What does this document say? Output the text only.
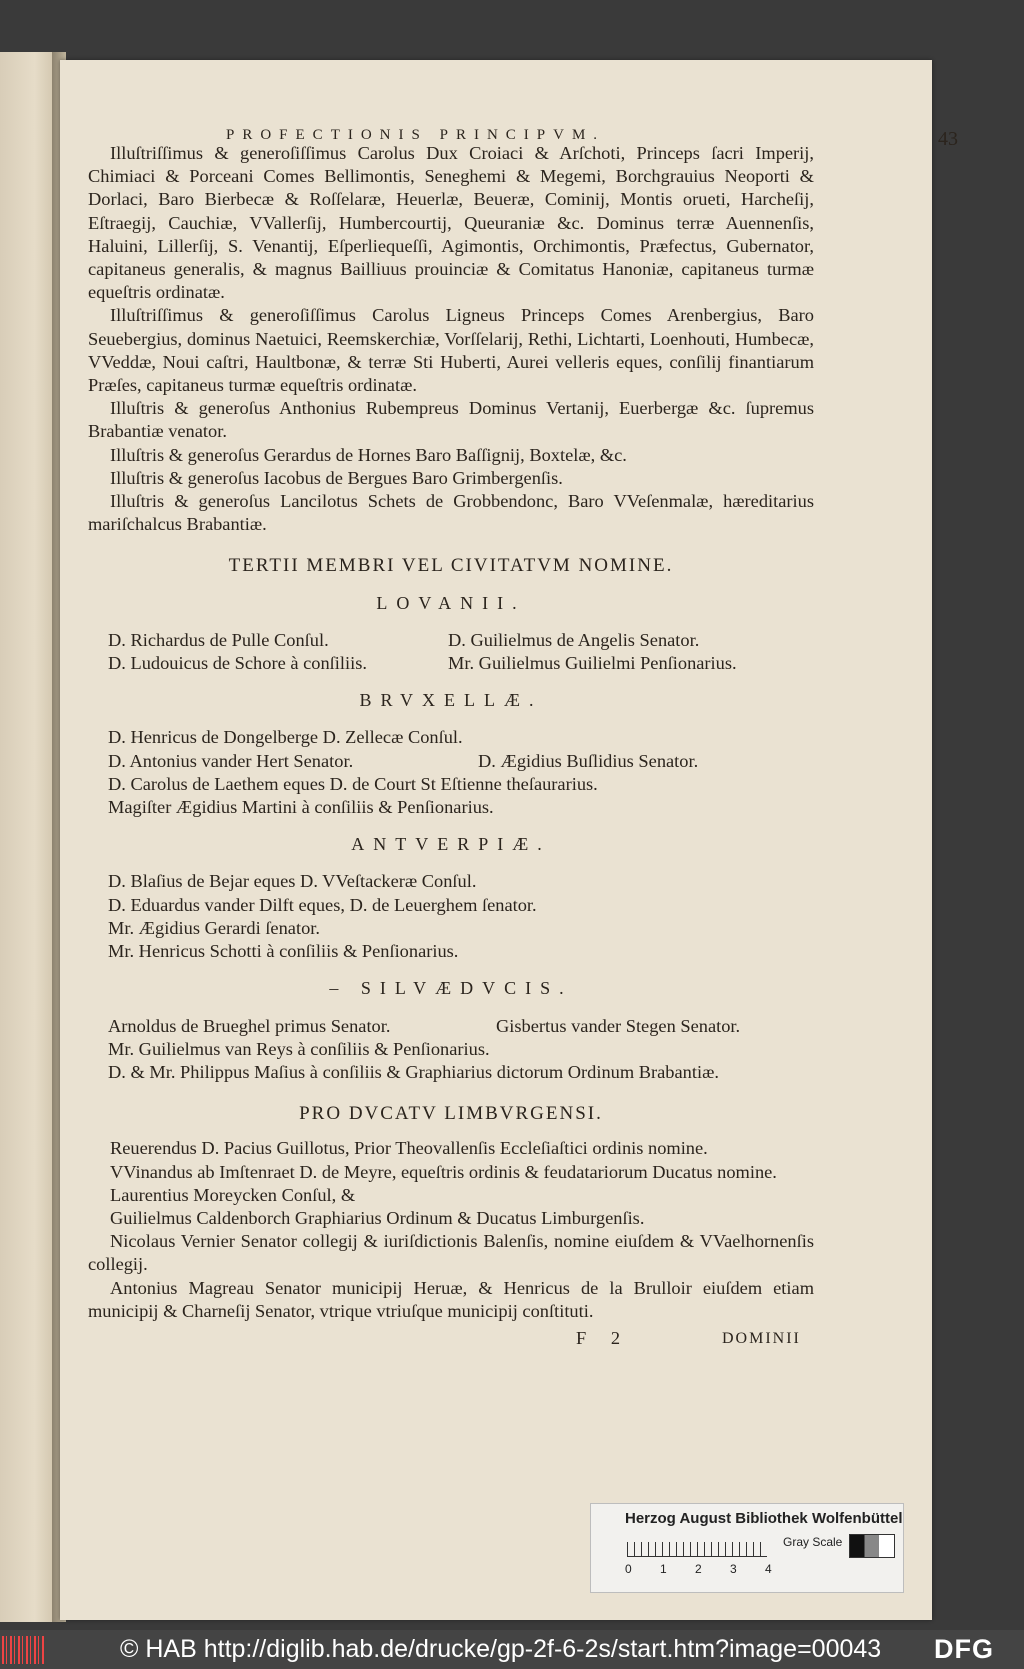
PROFECTIONIS PRINCIPVM.	43

Illuſtriſſimus & generoſiſſimus Carolus Dux Croiaci & Arſchoti, Princeps ſacri Imperij, Chimiaci & Porceani Comes Bellimontis, Seneghemi & Megemi, Borchgrauius Neoporti & Dorlaci, Baro Bierbecæ & Roſſelaræ, Heuerlæ, Beueræ, Cominij, Montis orueti, Harcheſij, Eſtraegij, Cauchiæ, VVallerſij, Humbercourtij, Queuraniæ &c. Dominus terræ Auennenſis, Haluini, Lillerſij, S. Venantij, Eſperliequeſſi, Agimontis, Orchimontis, Præfectus, Gubernator, capitaneus generalis, & magnus Bailliuus prouinciæ & Comitatus Hanoniæ, capitaneus turmæ equeſtris ordinatæ.

Illuſtriſſimus & generoſiſſimus Carolus Ligneus Princeps Comes Arenbergius, Baro Seuebergius, dominus Naetuici, Reemskerchiæ, Vorſſelarij, Rethi, Lichtarti, Loenhouti, Humbecæ, VVeddæ, Noui caſtri, Haultbonæ, & terræ Sti Huberti, Aurei velleris eques, conſilij finantiarum Præſes, capitaneus turmæ equeſtris ordinatæ.

Illuſtris & generoſus Anthonius Rubempreus Dominus Vertanij, Euerbergæ &c. ſupremus Brabantiæ venator.

Illuſtris & generoſus Gerardus de Hornes Baro Baſſignij, Boxtelæ, &c.

Illuſtris & generoſus Iacobus de Bergues Baro Grimbergenſis.

Illuſtris & generoſus Lancilotus Schets de Grobbendonc, Baro VVeſenmalæ, hæreditarius mariſchalcus Brabantiæ.

TERTII MEMBRI VEL CIVITATVM NOMINE.
LOVANII.
D. Richardus de Pulle Conſul.	D. Guilielmus de Angelis Senator.
D. Ludouicus de Schore à conſiliis.	Mr. Guilielmus Guilielmi Penſionarius.
BRVXELLÆ.
D. Henricus de Dongelberge D. Zellecæ Conſul.
D. Antonius vander Hert Senator.	D. Ægidius Buſlidius Senator.
D. Carolus de Laethem eques D. de Court St Eſtienne theſaurarius.
Magiſter Ægidius Martini à conſiliis & Penſionarius.
ANTVERPIÆ.
D. Blaſius de Bejar eques D. VVeſtackeræ Conſul.
D. Eduardus vander Dilft eques, D. de Leuerghem ſenator.
Mr. Ægidius Gerardi ſenator.
Mr. Henricus Schotti à conſiliis & Penſionarius.
– SILVÆDVCIS.
Arnoldus de Brueghel primus Senator.	Gisbertus vander Stegen Senator.
Mr. Guilielmus van Reys à conſiliis & Penſionarius.
D. & Mr. Philippus Maſius à conſiliis & Graphiarius dictorum Ordinum Brabantiæ.
PRO DVCATV LIMBVRGENSI.

Reuerendus D. Pacius Guillotus, Prior Theovallenſis Eccleſiaſtici ordinis nomine.

VVinandus ab Imſtenraet D. de Meyre, equeſtris ordinis & feudatariorum Ducatus nomine.

Laurentius Moreycken Conſul, &

Guilielmus Caldenborch Graphiarius Ordinum & Ducatus Limburgenſis.

Nicolaus Vernier Senator collegij & iuriſdictionis Balenſis, nomine eiuſdem & VVaelhornenſis collegij.

Antonius Magreau Senator municipij Heruæ, & Henricus de la Brulloir eiuſdem etiam municipij & Charneſij Senator, vtrique vtriuſque municipij conſtituti.

F 2	DOMINII
Herzog August Bibliothek Wolfenbüttel
0 1 2 3 4
Gray Scale
© HAB http://diglib.hab.de/drucke/gp-2f-6-2s/start.htm?image=00043 DFG
